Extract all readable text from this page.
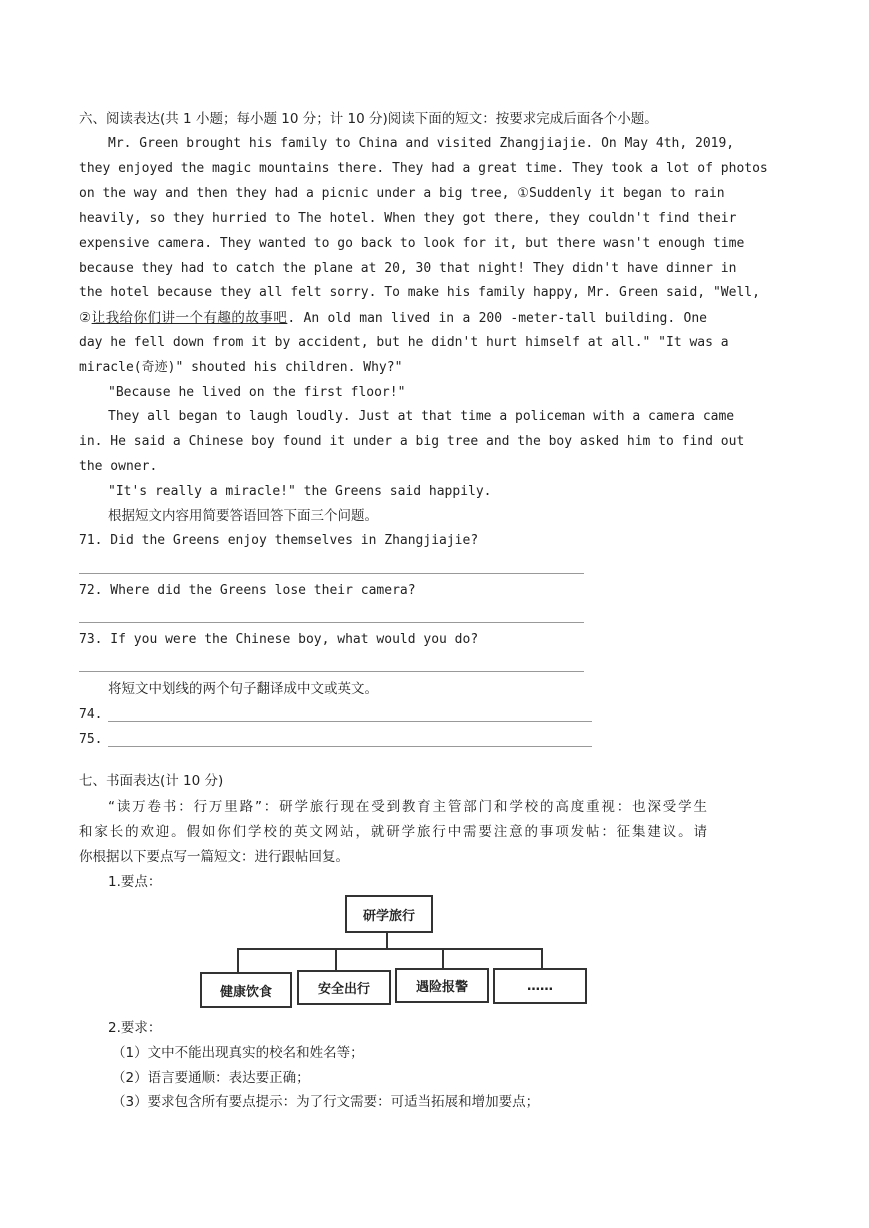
六、阅读表达(共 1 小题；每小题 10 分；计 10 分)阅读下面的短文：按要求完成后面各个小题。
Mr. Green brought his family to China and visited Zhangjiajie. On May 4th, 2019,
they enjoyed the magic mountains there. They had a great time. They took a lot of photos
on the way and then they had a picnic under a big tree, ①Suddenly it began to rain
heavily, so they hurried to The hotel. When they got there, they couldn't find their
expensive camera. They wanted to go back to look for it, but there wasn't enough time
because they had to catch the plane at 20, 30 that night! They didn't have dinner in
the hotel because they all felt sorry. To make his family happy, Mr. Green said, "Well,
②让我给你们讲一个有趣的故事吧. An old man lived in a 200 -meter-tall building. One
day he fell down from it by accident, but he didn't hurt himself at all." "It was a
miracle(奇迹)" shouted his children. Why?"
"Because he lived on the first floor!"
They all began to laugh loudly. Just at that time a policeman with a camera came
in. He said a Chinese boy found it under a big tree and the boy asked him to find out
the owner.
"It's really a miracle!" the Greens said happily.
根据短文内容用简要答语回答下面三个问题。
71. Did the Greens enjoy themselves in Zhangjiajie?
72. Where did the Greens lose their camera?
73. If you were the Chinese boy, what would you do?
将短文中划线的两个句子翻译成中文或英文。
74.
75.
七、书面表达(计 10 分)
“读万卷书：行万里路”：研学旅行现在受到教育主管部门和学校的高度重视：也深受学生
和家长的欢迎。假如你们学校的英文网站，就研学旅行中需要注意的事项发帖：征集建议。请
你根据以下要点写一篇短文：进行跟帖回复。
1.要点：
研学旅行
健康饮食	安全出行	遇险报警	……
2.要求：
（1）文中不能出现真实的校名和姓名等；
（2）语言要通顺：表达要正确；
（3）要求包含所有要点提示：为了行文需要：可适当拓展和增加要点；
